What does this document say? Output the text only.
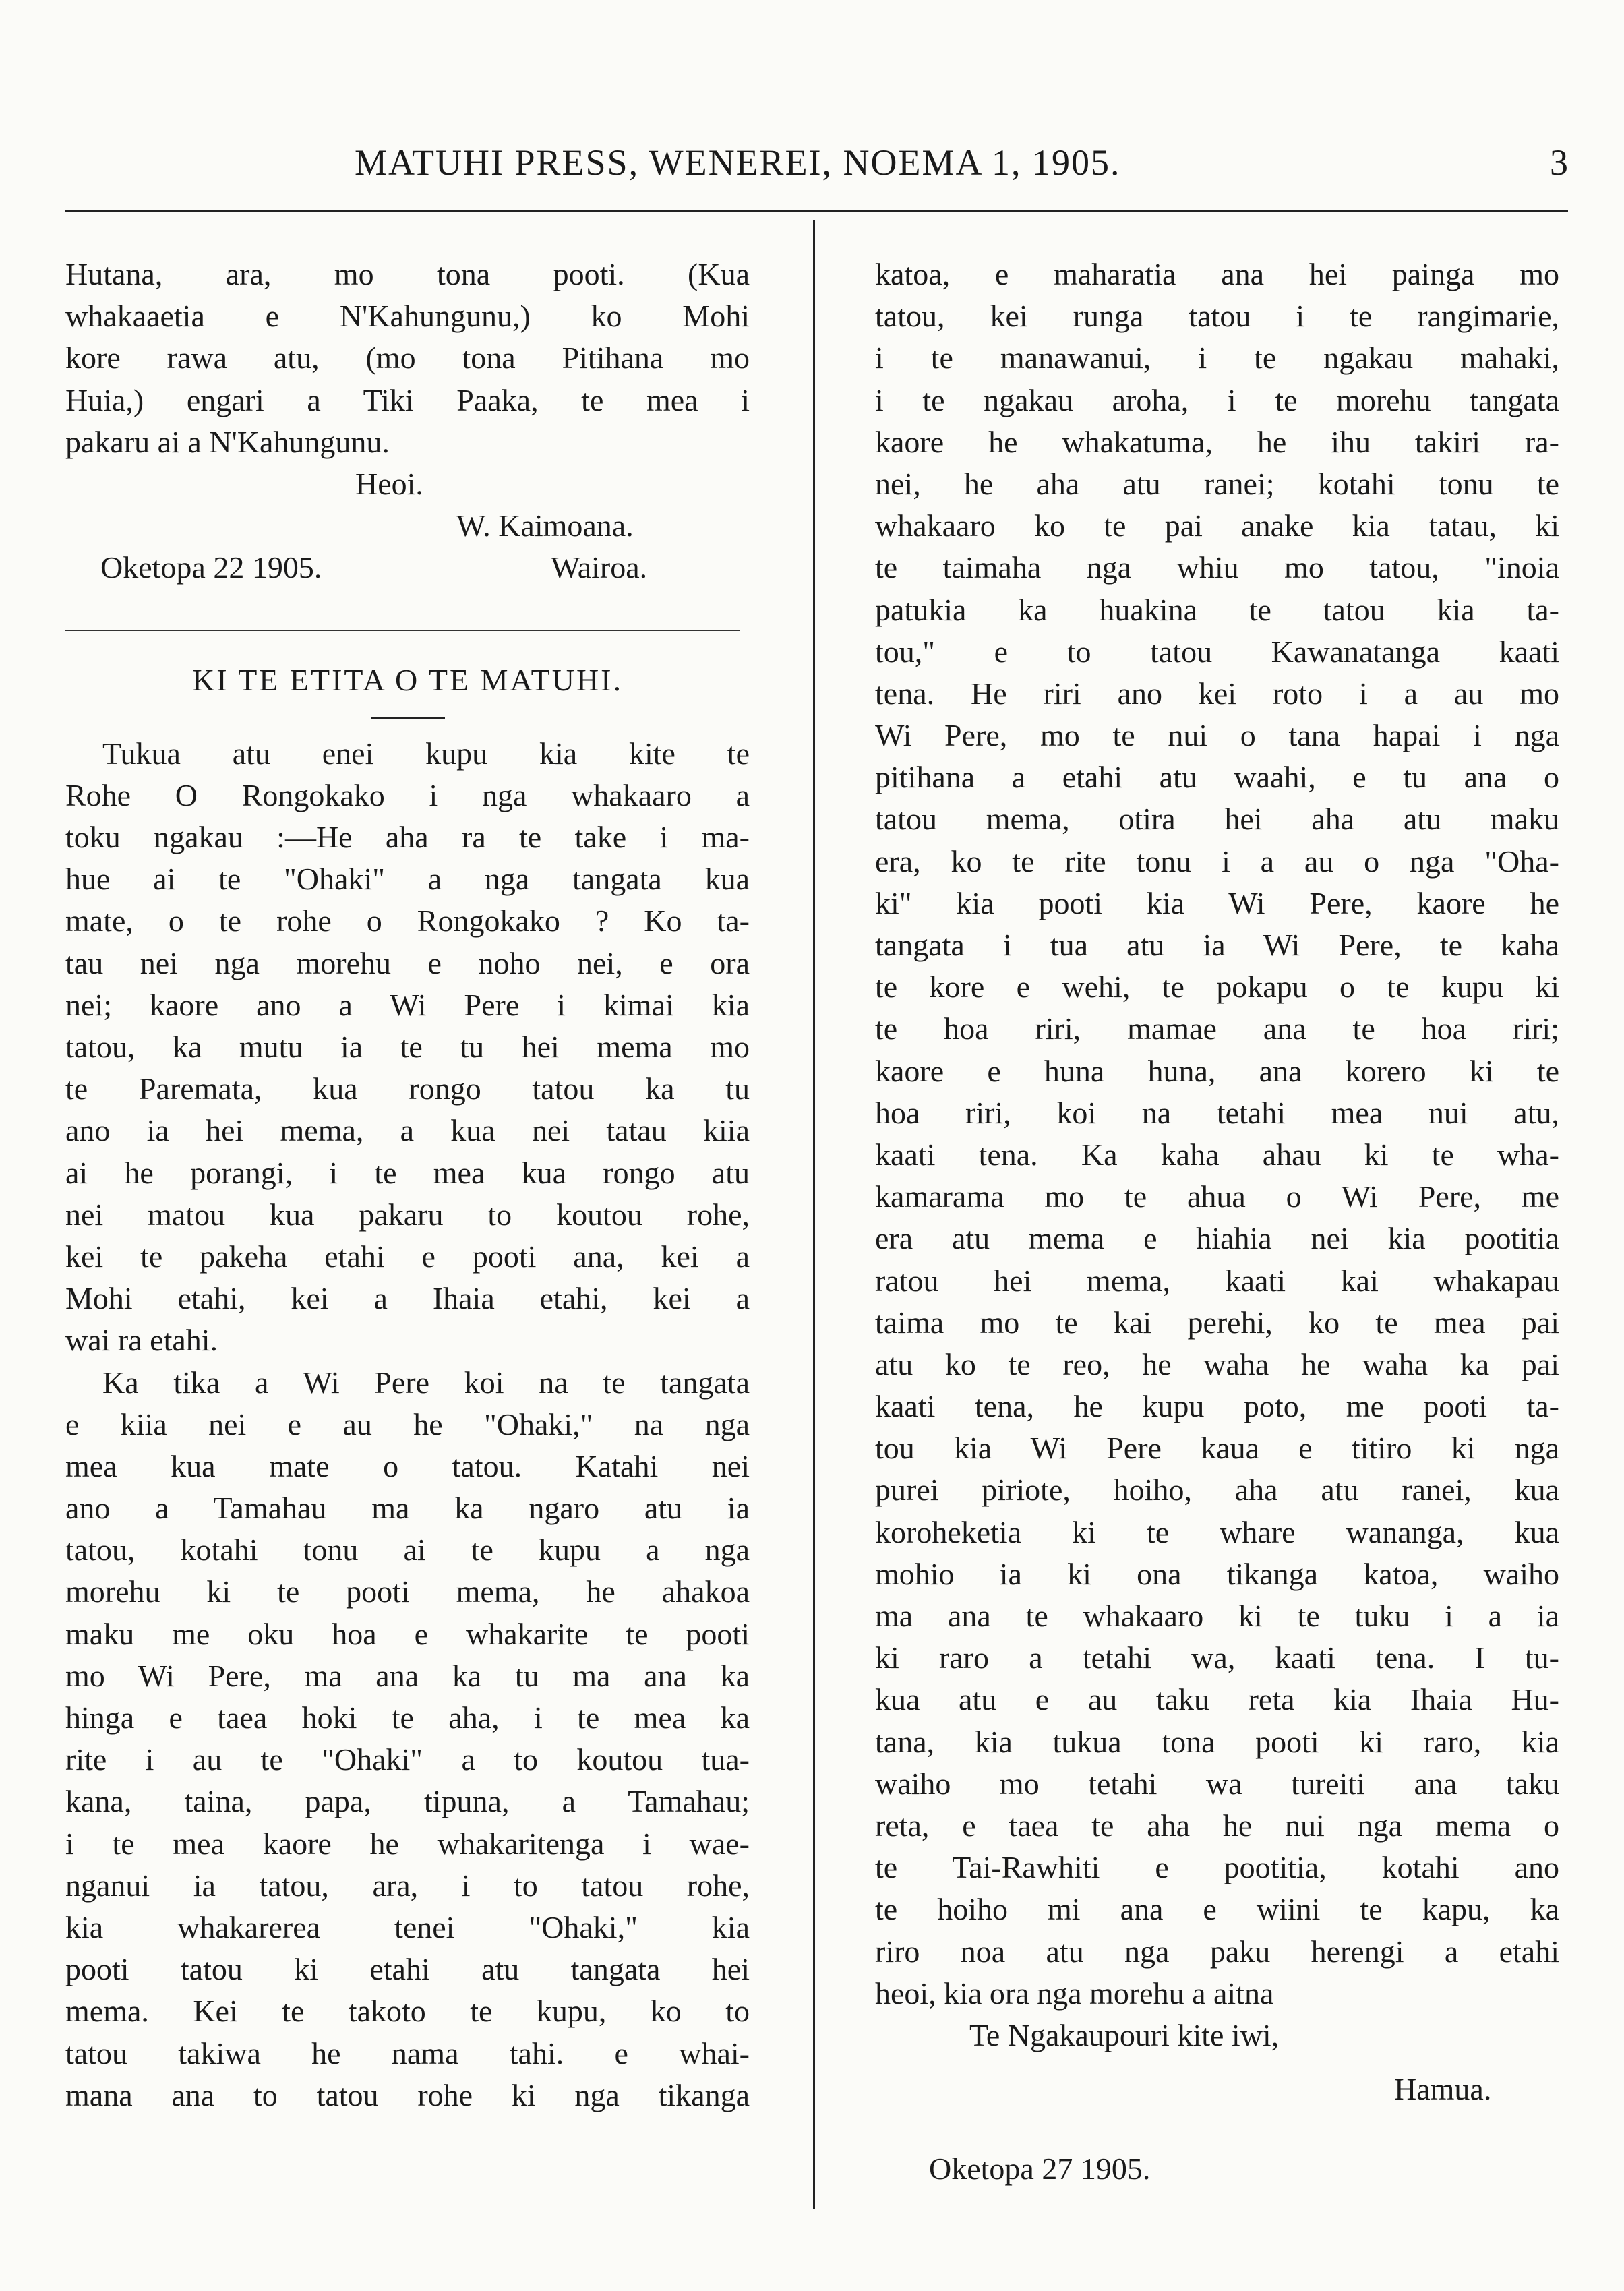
MATUHI PRESS, WENEREI, NOEMA 1, 1905.	3
Hutana, ara, mo tona pooti. (Kua
whakaaetia e N'Kahungunu,) ko Mohi
kore rawa atu, (mo tona Pitihana mo
Huia,) engari a Tiki Paaka, te mea i
pakaru ai a N'Kahungunu.
Heoi.
W. Kaimoana.
Oketopa 22 1905.	Wairoa.
KI TE ETITA O TE MATUHI.
Tukua atu enei kupu kia kite te
Rohe O Rongokako i nga whakaaro a
toku ngakau :—He aha ra te take i ma-
hue ai te "Ohaki" a nga tangata kua
mate, o te rohe o Rongokako ? Ko ta-
tau nei nga morehu e noho nei, e ora
nei; kaore ano a Wi Pere i kimai kia
tatou, ka mutu ia te tu hei mema mo
te Paremata, kua rongo tatou ka tu
ano ia hei mema, a kua nei tatau kiia
ai he porangi, i te mea kua rongo atu
nei matou kua pakaru to koutou rohe,
kei te pakeha etahi e pooti ana, kei a
Mohi etahi, kei a Ihaia etahi, kei a
wai ra etahi.
Ka tika a Wi Pere koi na te tangata
e kiia nei e au he "Ohaki," na nga
mea kua mate o tatou. Katahi nei
ano a Tamahau ma ka ngaro atu ia
tatou, kotahi tonu ai te kupu a nga
morehu ki te pooti mema, he ahakoa
maku me oku hoa e whakarite te pooti
mo Wi Pere, ma ana ka tu ma ana ka
hinga e taea hoki te aha, i te mea ka
rite i au te "Ohaki" a to koutou tua-
kana, taina, papa, tipuna, a Tamahau;
i te mea kaore he whakaritenga i wae-
nganui ia tatou, ara, i to tatou rohe,
kia whakarerea tenei "Ohaki," kia
pooti tatou ki etahi atu tangata hei
mema. Kei te takoto te kupu, ko to
tatou takiwa he nama tahi. e whai-
mana ana to tatou rohe ki nga tikanga
katoa, e maharatia ana hei painga mo
tatou, kei runga tatou i te rangimarie,
i te manawanui, i te ngakau mahaki,
i te ngakau aroha, i te morehu tangata
kaore he whakatuma, he ihu takiri ra-
nei, he aha atu ranei; kotahi tonu te
whakaaro ko te pai anake kia tatau, ki
te taimaha nga whiu mo tatou, "inoia
patukia ka huakina te tatou kia ta-
tou," e to tatou Kawanatanga kaati
tena. He riri ano kei roto i a au mo
Wi Pere, mo te nui o tana hapai i nga
pitihana a etahi atu waahi, e tu ana o
tatou mema, otira hei aha atu maku
era, ko te rite tonu i a au o nga "Oha-
ki" kia pooti kia Wi Pere, kaore he
tangata i tua atu ia Wi Pere, te kaha
te kore e wehi, te pokapu o te kupu ki
te hoa riri, mamae ana te hoa riri;
kaore e huna huna, ana korero ki te
hoa riri, koi na tetahi mea nui atu,
kaati tena. Ka kaha ahau ki te wha-
kamarama mo te ahua o Wi Pere, me
era atu mema e hiahia nei kia pootitia
ratou hei mema, kaati kai whakapau
taima mo te kai perehi, ko te mea pai
atu ko te reo, he waha he waha ka pai
kaati tena, he kupu poto, me pooti ta-
tou kia Wi Pere kaua e titiro ki nga
purei piriote, hoiho, aha atu ranei, kua
koroheketia ki te whare wananga, kua
mohio ia ki ona tikanga katoa, waiho
ma ana te whakaaro ki te tuku i a ia
ki raro a tetahi wa, kaati tena. I tu-
kua atu e au taku reta kia Ihaia Hu-
tana, kia tukua tona pooti ki raro, kia
waiho mo tetahi wa tureiti ana taku
reta, e taea te aha he nui nga mema o
te Tai-Rawhiti e pootitia, kotahi ano
te hoiho mi ana e wiini te kapu, ka
riro noa atu nga paku herengi a etahi
heoi, kia ora nga morehu a aitna
Te Ngakaupouri kite iwi,
Hamua.
Oketopa 27 1905.
